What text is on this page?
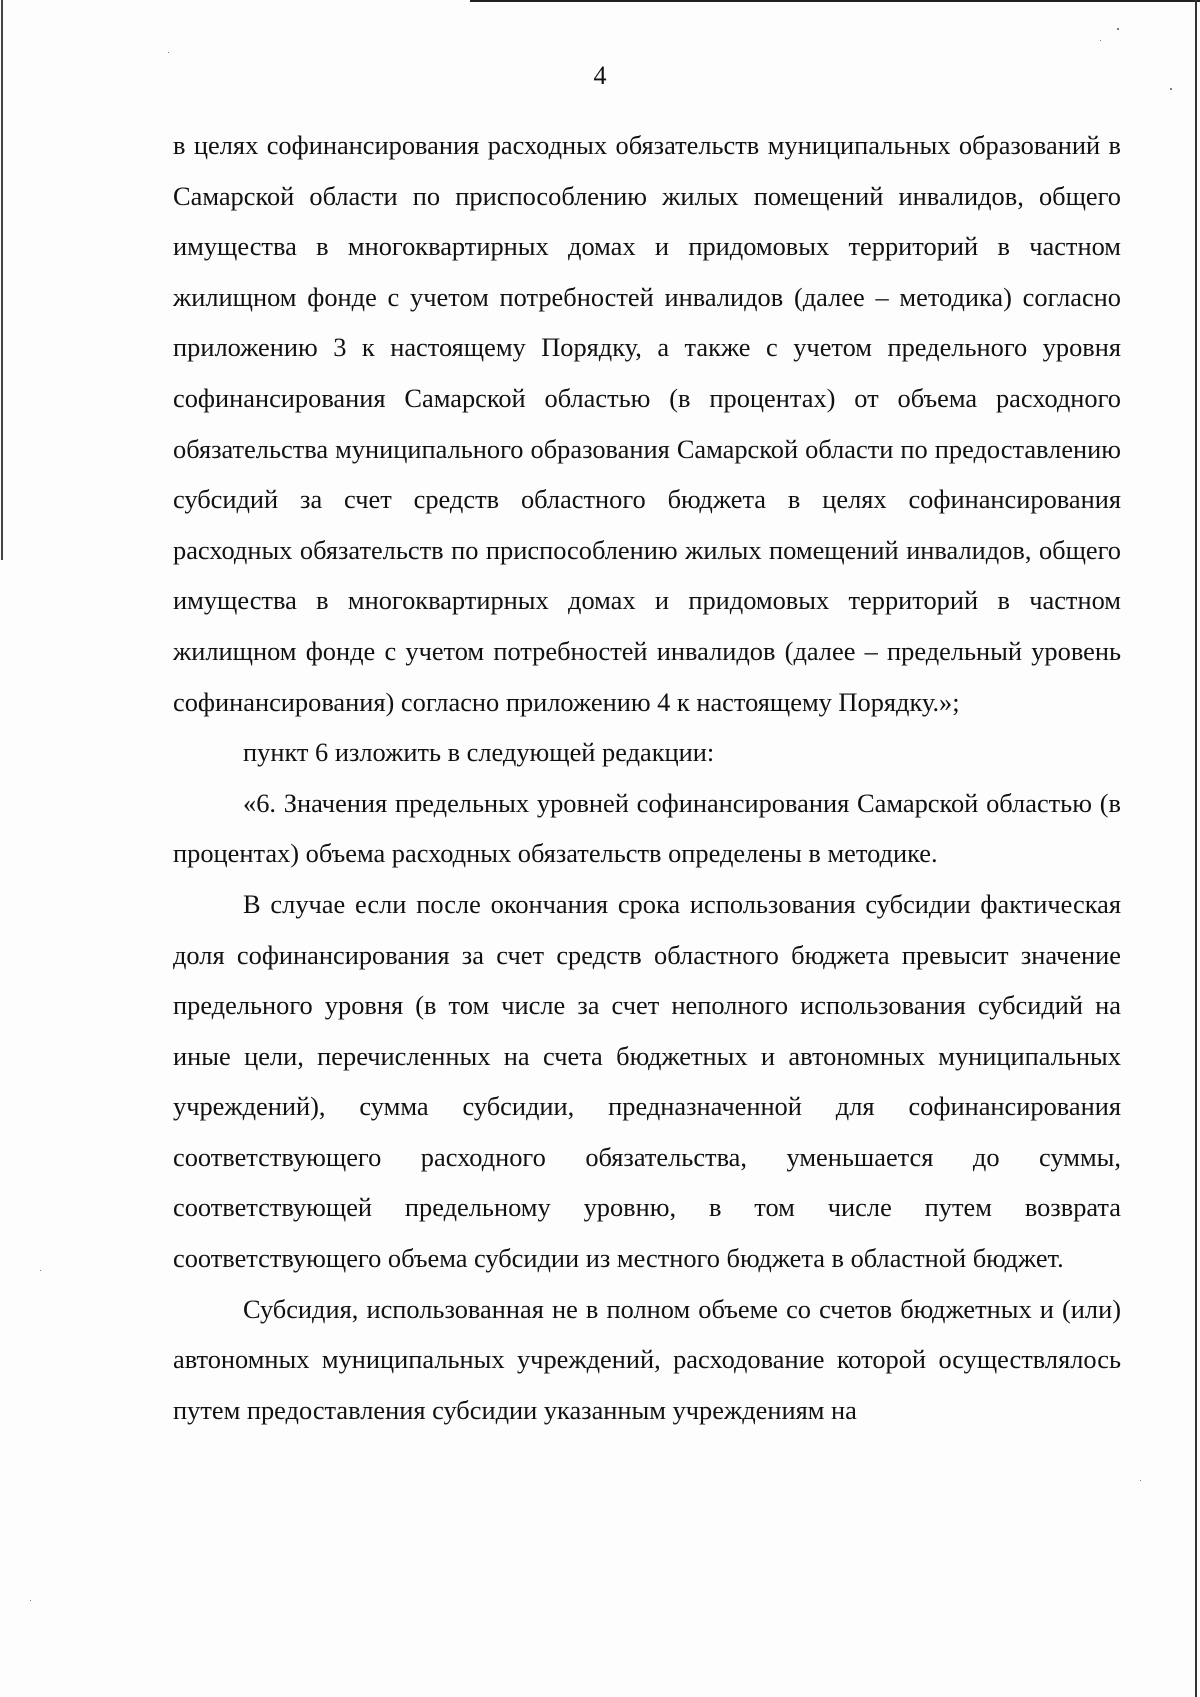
4

в целях софинансирования расходных обязательств муниципальных образований в Самарской области по приспособлению жилых помещений инвалидов, общего имущества в многоквартирных домах и придомовых территорий в частном жилищном фонде с учетом потребностей инвалидов (далее – методика) согласно приложению 3 к настоящему Порядку, а также с учетом предельного уровня софинансирования Самарской областью (в процентах) от объема расходного обязательства муниципального образования Самарской области по предоставлению субсидий за счет средств областного бюджета в целях софинансирования расходных обязательств по приспособлению жилых помещений инвалидов, общего имущества в многоквартирных домах и придомовых территорий в частном жилищном фонде с учетом потребностей инвалидов (далее – предельный уровень софинансирования) согласно приложению 4 к настоящему Порядку.»;

пункт 6 изложить в следующей редакции:

«6. Значения предельных уровней софинансирования Самарской областью (в процентах) объема расходных обязательств определены в методике.

В случае если после окончания срока использования субсидии фактическая доля софинансирования за счет средств областного бюджета превысит значение предельного уровня (в том числе за счет неполного использования субсидий на иные цели, перечисленных на счета бюджетных и автономных муниципальных учреждений), сумма субсидии, предназначенной для софинансирования соответствующего расходного обязательства, уменьшается до суммы, соответствующей предельному уровню, в том числе путем возврата соответствующего объема субсидии из местного бюджета в областной бюджет.

Субсидия, использованная не в полном объеме со счетов бюджетных и (или) автономных муниципальных учреждений, расходование которой осуществлялось путем предоставления субсидии указанным учреждениям на
